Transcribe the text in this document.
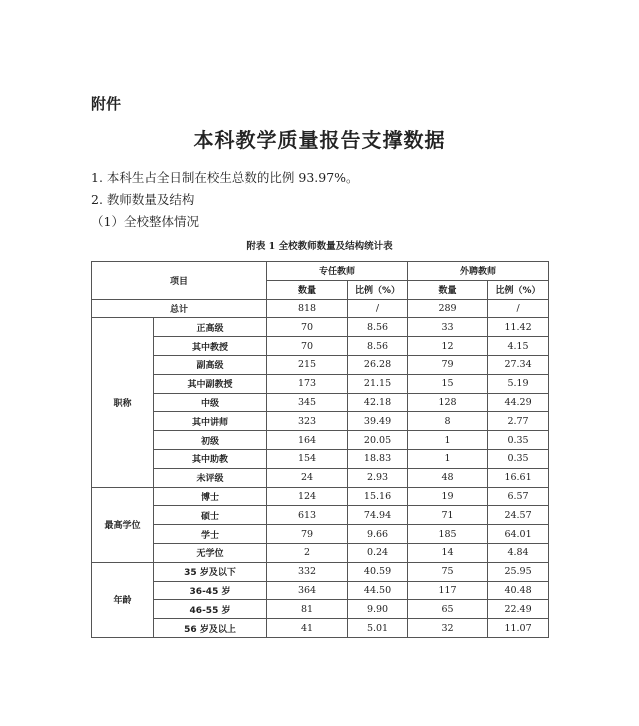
附件
本科教学质量报告支撑数据
1. 本科生占全日制在校生总数的比例 93.97%。
2. 教师数量及结构
（1）全校整体情况
附表 1 全校教师数量及结构统计表
项目		专任教师		外聘教师	
		数量	比例（%）	数量	比例（%）
总计		818	/	289	/
职称	正高级	70	8.56	33	11.42
	其中教授	70	8.56	12	4.15
	副高级	215	26.28	79	27.34
	其中副教授	173	21.15	15	5.19
	中级	345	42.18	128	44.29
	其中讲师	323	39.49	8	2.77
	初级	164	20.05	1	0.35
	其中助教	154	18.83	1	0.35
	未评级	24	2.93	48	16.61
最高学位	博士	124	15.16	19	6.57
	硕士	613	74.94	71	24.57
	学士	79	9.66	185	64.01
	无学位	2	0.24	14	4.84
年龄	35 岁及以下	332	40.59	75	25.95
	36-45 岁	364	44.50	117	40.48
	46-55 岁	81	9.90	65	22.49
	56 岁及以上	41	5.01	32	11.07
